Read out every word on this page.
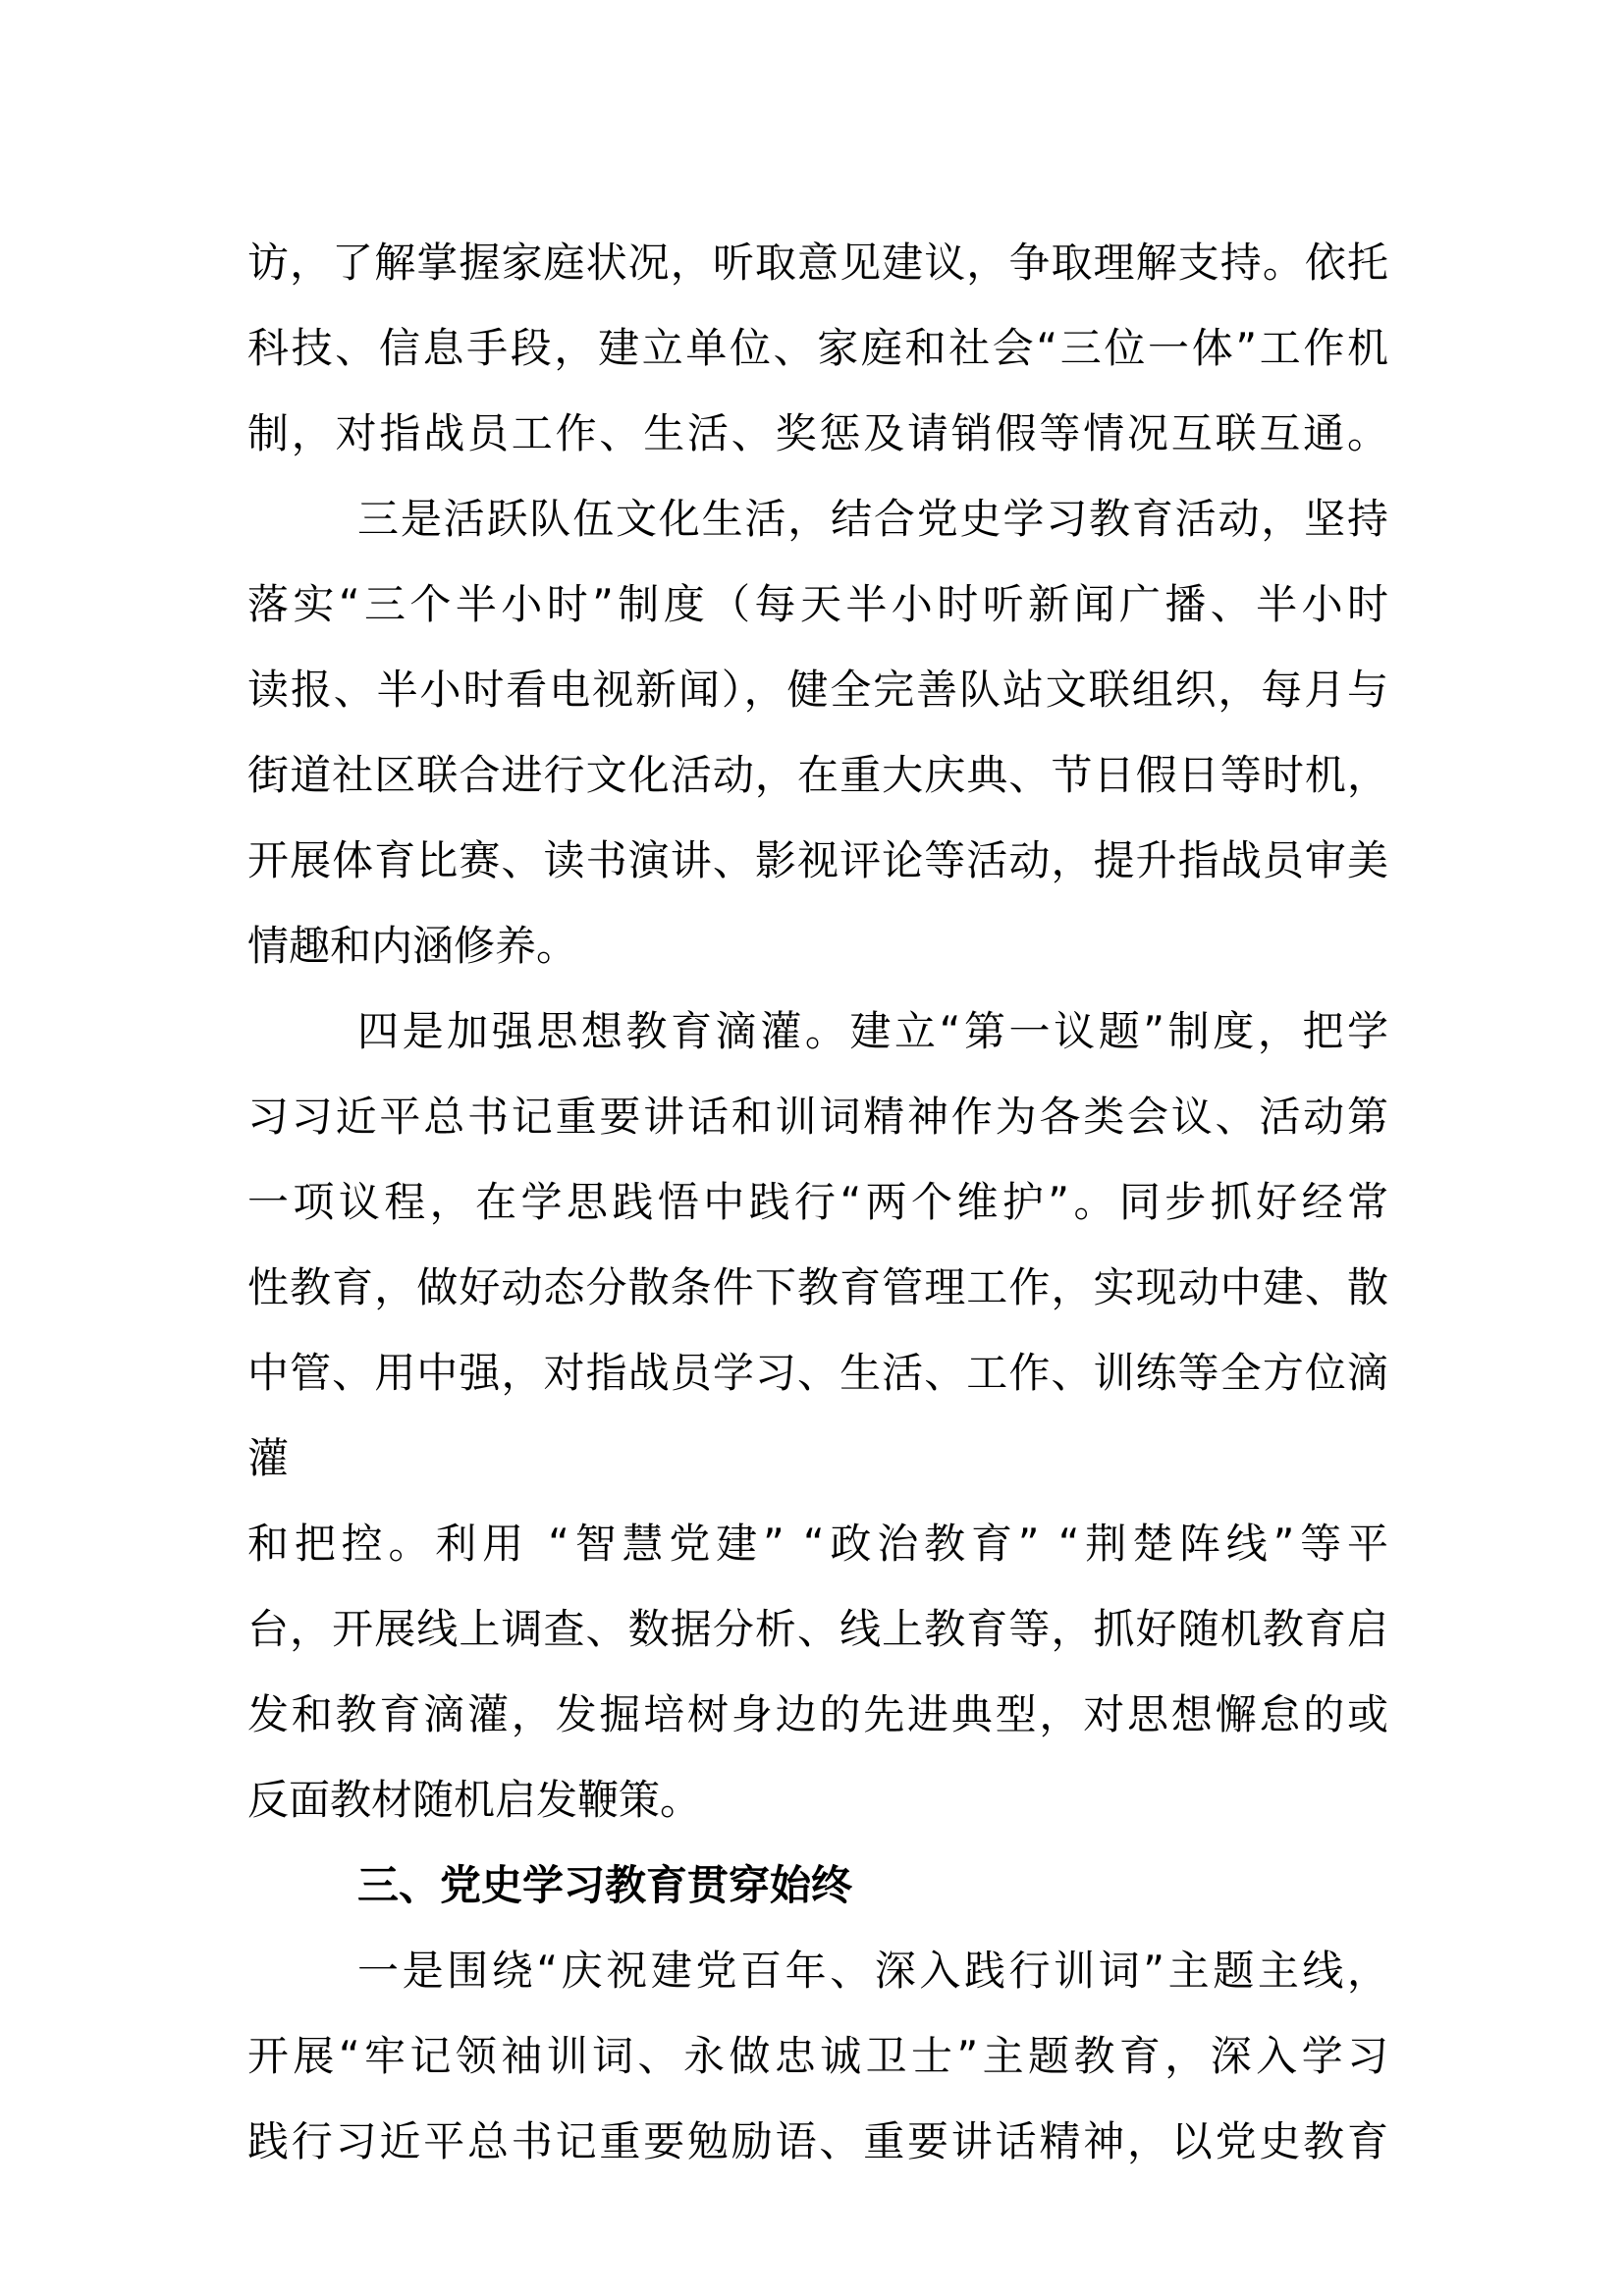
访，了解掌握家庭状况，听取意见建议，争取理解支持。依托
科技、信息手段，建立单位、家庭和社会“三位一体”工作机
制，对指战员工作、生活、奖惩及请销假等情况互联互通。
三是活跃队伍文化生活，结合党史学习教育活动，坚持
落实“三个半小时”制度（每天半小时听新闻广播、半小时
读报、半小时看电视新闻），健全完善队站文联组织，每月与
街道社区联合进行文化活动，在重大庆典、节日假日等时机，
开展体育比赛、读书演讲、影视评论等活动，提升指战员审美
情趣和内涵修养。
四是加强思想教育滴灌。建立“第一议题”制度，把学
习习近平总书记重要讲话和训词精神作为各类会议、活动第
一项议程，在学思践悟中践行“两个维护”。同步抓好经常
性教育，做好动态分散条件下教育管理工作，实现动中建、散
中管、用中强，对指战员学习、生活、工作、训练等全方位滴灌
和把控。利用 “智慧党建” “政治教育” “荆楚阵线”等平
台，开展线上调查、数据分析、线上教育等，抓好随机教育启
发和教育滴灌，发掘培树身边的先进典型，对思想懈怠的或
反面教材随机启发鞭策。
三、党史学习教育贯穿始终
一是围绕“庆祝建党百年、深入践行训词”主题主线，
开展“牢记领袖训词、永做忠诚卫士”主题教育，深入学习
践行习近平总书记重要勉励语、重要讲话精神，以党史教育
